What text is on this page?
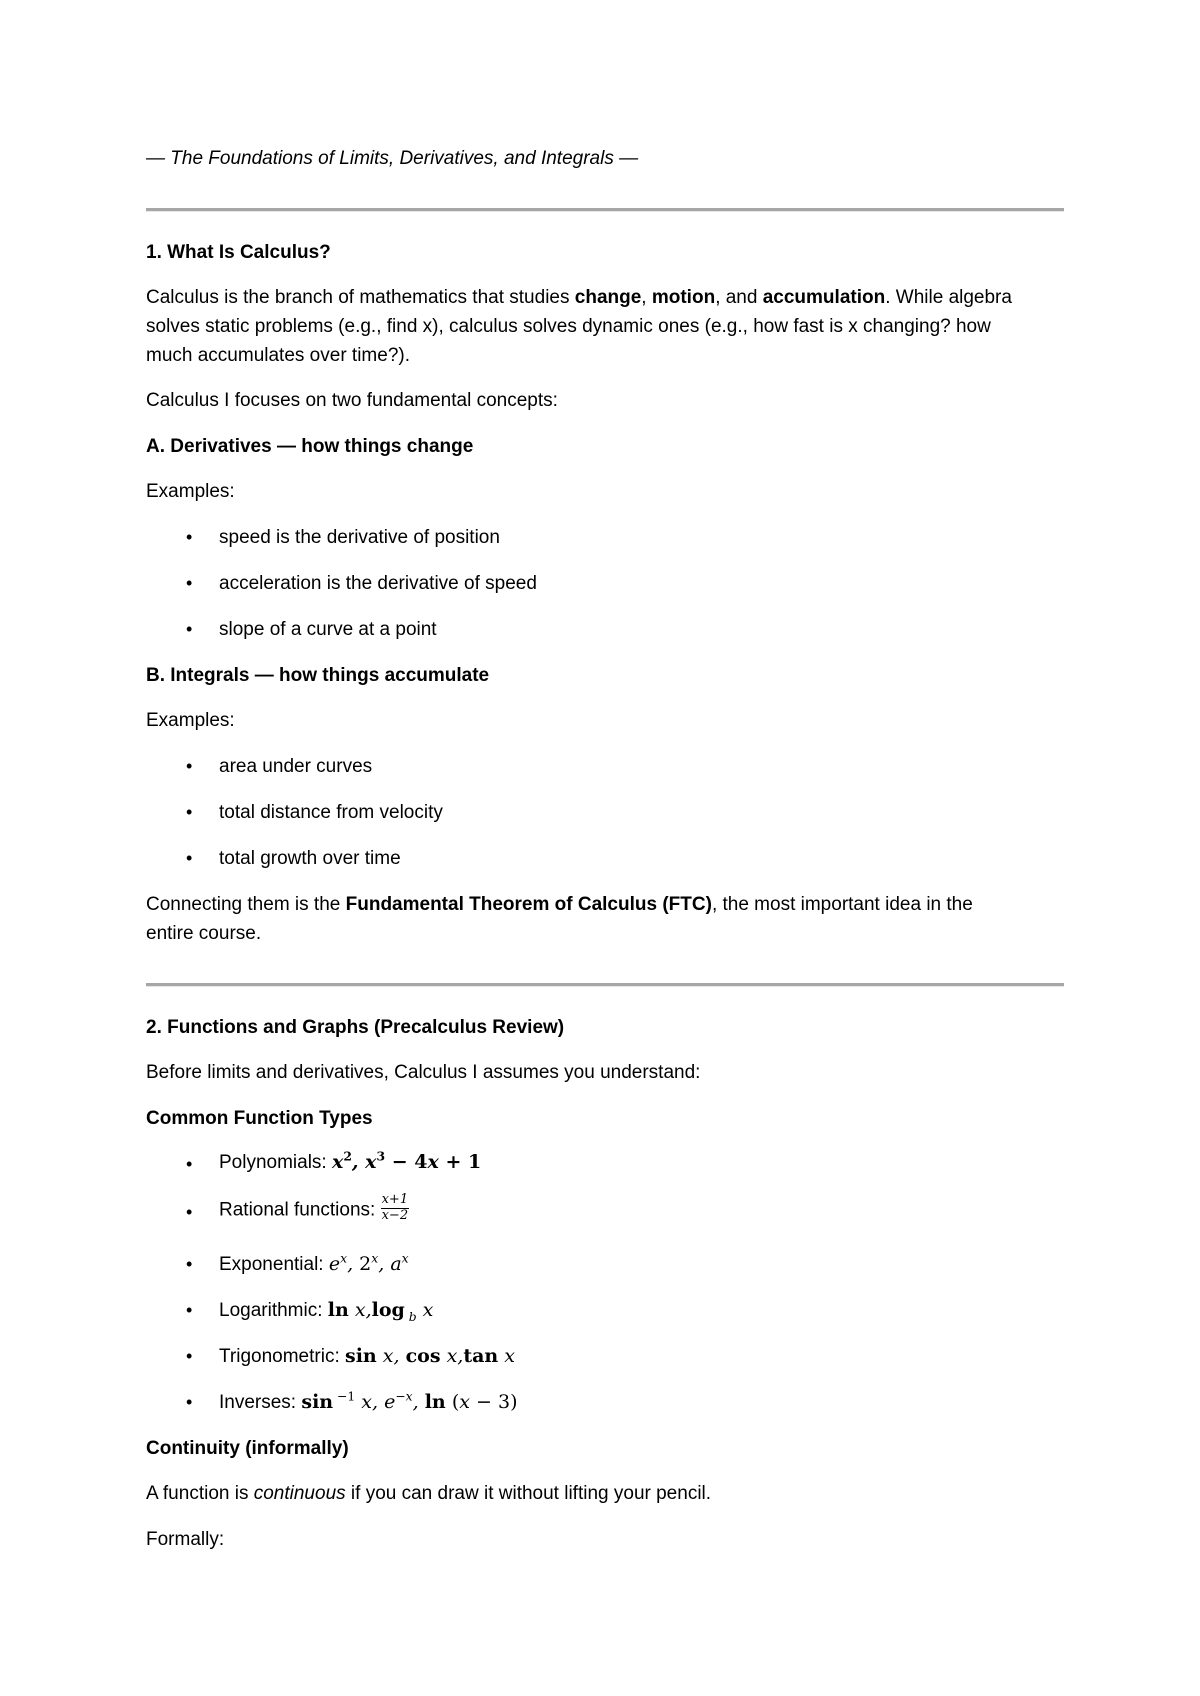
— The Foundations of Limits, Derivatives, and Integrals —

1. What Is Calculus?

Calculus is the branch of mathematics that studies change, motion, and accumulation. While algebra

solves static problems (e.g., find x), calculus solves dynamic ones (e.g., how fast is x changing? how

much accumulates over time?).

Calculus I focuses on two fundamental concepts:

A. Derivatives — how things change

Examples:

• speed is the derivative of position
• acceleration is the derivative of speed
• slope of a curve at a point

B. Integrals — how things accumulate

Examples:

• area under curves
• total distance from velocity
• total growth over time

Connecting them is the Fundamental Theorem of Calculus (FTC), the most important idea in the

entire course.

2. Functions and Graphs (Precalculus Review)

Before limits and derivatives, Calculus I assumes you understand:

Common Function Types

• Polynomials: $x^2$, $x^3 - 4x + 1$
• Rational functions: $\frac{x+1}{x-2}$
• Exponential: $e^x$, 2$^x$, $a^x$
• Logarithmic: ln x,log $_b$ x
• Trigonometric: sin x, cos x,tan x
• Inverses: sin $^{-1}$ x, $e^{-x}$, ln (x − 3)

Continuity (informally)

A function is continuous if you can draw it without lifting your pencil.

Formally:
